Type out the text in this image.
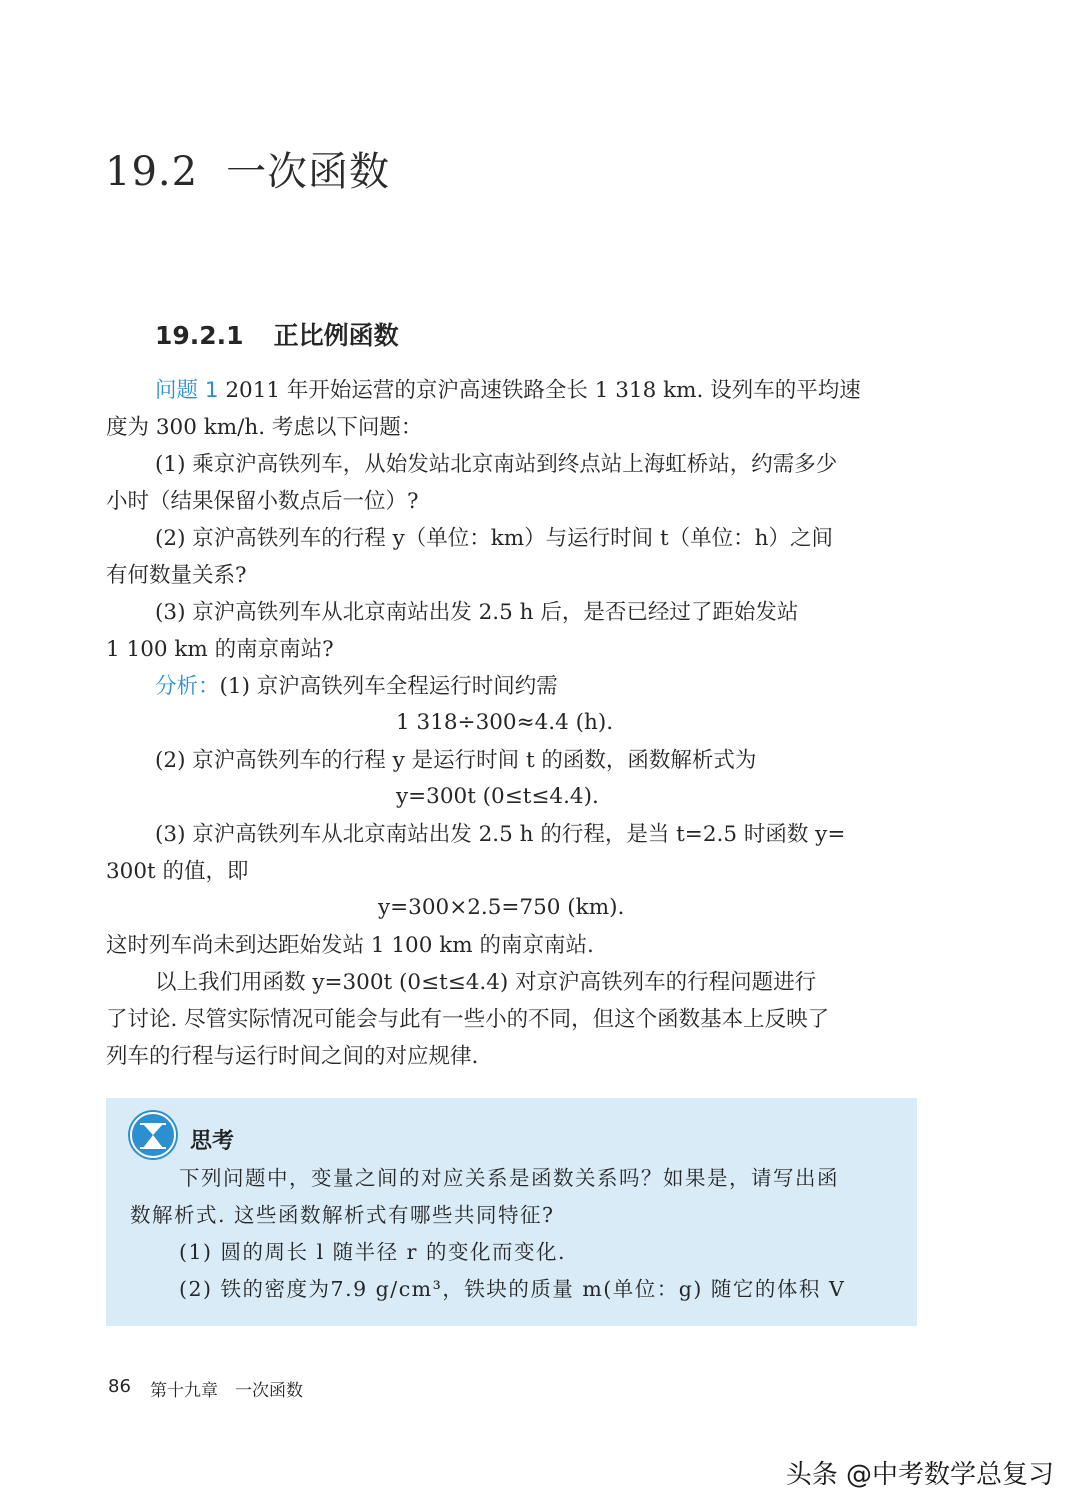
19.2 一次函数
19.2.1 正比例函数
问题 1 2011 年开始运营的京沪高速铁路全长 1 318 km. 设列车的平均速
度为 300 km/h. 考虑以下问题：
(1) 乘京沪高铁列车，从始发站北京南站到终点站上海虹桥站，约需多少
小时（结果保留小数点后一位）?
(2) 京沪高铁列车的行程 y（单位：km）与运行时间 t（单位：h）之间
有何数量关系?
(3) 京沪高铁列车从北京南站出发 2.5 h 后，是否已经过了距始发站
1 100 km 的南京南站?
分析：(1) 京沪高铁列车全程运行时间约需
1 318÷300≈4.4 (h).
(2) 京沪高铁列车的行程 y 是运行时间 t 的函数，函数解析式为
y=300t (0≤t≤4.4).
(3) 京沪高铁列车从北京南站出发 2.5 h 的行程，是当 t=2.5 时函数 y=
300t 的值，即
y=300×2.5=750 (km).
这时列车尚未到达距始发站 1 100 km 的南京南站.
以上我们用函数 y=300t (0≤t≤4.4) 对京沪高铁列车的行程问题进行
了讨论. 尽管实际情况可能会与此有一些小的不同，但这个函数基本上反映了
列车的行程与运行时间之间的对应规律.
思考
下列问题中，变量之间的对应关系是函数关系吗？如果是，请写出函
数解析式. 这些函数解析式有哪些共同特征?
(1) 圆的周长 l 随半径 r 的变化而变化.
(2) 铁的密度为7.9 g/cm³，铁块的质量 m(单位：g) 随它的体积 V
86 第十九章　一次函数
头条 @中考数学总复习
